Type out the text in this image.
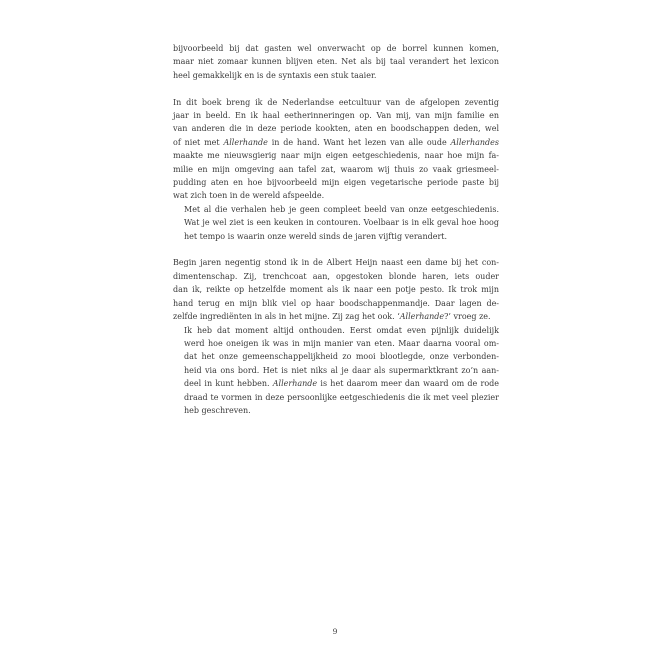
bijvoorbeeld bij dat gasten wel onverwacht op de borrel kunnen komen,
maar niet zomaar kunnen blijven eten. Net als bij taal verandert het lexicon
heel gemakkelijk en is de syntaxis een stuk taaier.
In dit boek breng ik de Nederlandse eetcultuur van de afgelopen zeventig
jaar in beeld. En ik haal eetherinneringen op. Van mij, van mijn familie en
van anderen die in deze periode kookten, aten en boodschappen deden, wel
of niet met Allerhande in de hand. Want het lezen van alle oude Allerhandes
maakte me nieuwsgierig naar mijn eigen eetgeschiedenis, naar hoe mijn fa-
milie en mijn omgeving aan tafel zat, waarom wij thuis zo vaak griesmeel-
pudding aten en hoe bijvoorbeeld mijn eigen vegetarische periode paste bij
wat zich toen in de wereld afspeelde.
Met al die verhalen heb je geen compleet beeld van onze eetgeschiedenis.
Wat je wel ziet is een keuken in contouren. Voelbaar is in elk geval hoe hoog
het tempo is waarin onze wereld sinds de jaren vijftig verandert.
Begin jaren negentig stond ik in de Albert Heijn naast een dame bij het con-
dimentenschap. Zij, trenchcoat aan, opgestoken blonde haren, iets ouder
dan ik, reikte op hetzelfde moment als ik naar een potje pesto. Ik trok mijn
hand terug en mijn blik viel op haar boodschappenmandje. Daar lagen de-
zelfde ingrediënten in als in het mijne. Zij zag het ook. ‘Allerhande?’ vroeg ze.
Ik heb dat moment altijd onthouden. Eerst omdat even pijnlijk duidelijk
werd hoe oneigen ik was in mijn manier van eten. Maar daarna vooral om-
dat het onze gemeenschappelijkheid zo mooi blootlegde, onze verbonden-
heid via ons bord. Het is niet niks al je daar als supermarktkrant zo’n aan-
deel in kunt hebben. Allerhande is het daarom meer dan waard om de rode
draad te vormen in deze persoonlijke eetgeschiedenis die ik met veel plezier
heb geschreven.
9
